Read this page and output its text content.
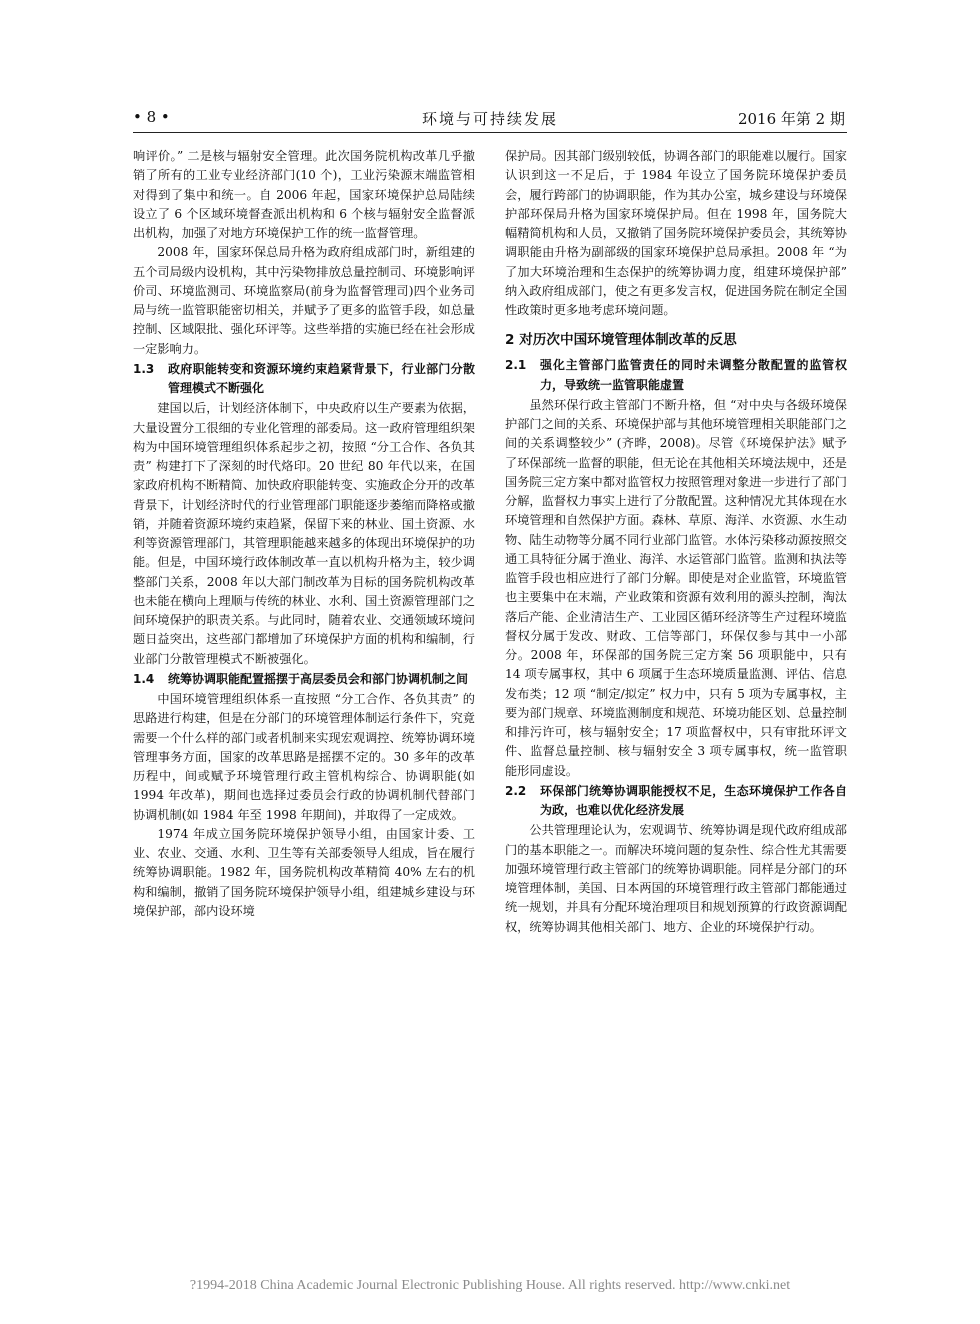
• 8 •	环境与可持续发展	2016 年第 2 期

响评价。” 二是核与辐射安全管理。此次国务院机构改革几乎撤销了所有的工业专业经济部门(10 个)，工业污染源末端监管相对得到了集中和统一。自 2006 年起，国家环境保护总局陆续设立了 6 个区域环境督查派出机构和 6 个核与辐射安全监督派出机构，加强了对地方环境保护工作的统一监督管理。

2008 年，国家环保总局升格为政府组成部门时，新组建的五个司局级内设机构，其中污染物排放总量控制司、环境影响评价司、环境监测司、环境监察局(前身为监督管理司)四个业务司局与统一监管职能密切相关，并赋予了更多的监管手段，如总量控制、区域限批、强化环评等。这些举措的实施已经在社会形成一定影响力。

1.3 政府职能转变和资源环境约束趋紧背景下，行业部门分散管理模式不断强化

建国以后，计划经济体制下，中央政府以生产要素为依据，大量设置分工很细的专业化管理的部委局。这一政府管理组织架构为中国环境管理组织体系起步之初，按照 “分工合作、各负其责” 构建打下了深刻的时代烙印。20 世纪 80 年代以来，在国家政府机构不断精简、加快政府职能转变、实施政企分开的改革背景下，计划经济时代的行业管理部门职能逐步萎缩而降格或撤销，并随着资源环境约束趋紧，保留下来的林业、国土资源、水利等资源管理部门，其管理职能越来越多的体现出环境保护的功能。但是，中国环境行政体制改革一直以机构升格为主，较少调整部门关系，2008 年以大部门制改革为目标的国务院机构改革也未能在横向上理顺与传统的林业、水利、国土资源管理部门之间环境保护的职责关系。与此同时，随着农业、交通领域环境问题日益突出，这些部门都增加了环境保护方面的机构和编制，行业部门分散管理模式不断被强化。

1.4 统筹协调职能配置摇摆于高层委员会和部门协调机制之间

中国环境管理组织体系一直按照 “分工合作、各负其责” 的思路进行构建，但是在分部门的环境管理体制运行条件下，究竟需要一个什么样的部门或者机制来实现宏观调控、统筹协调环境管理事务方面，国家的改革思路是摇摆不定的。30 多年的改革历程中，间或赋予环境管理行政主管机构综合、协调职能(如 1994 年改革)，期间也选择过委员会行政的协调机制代替部门协调机制(如 1984 年至 1998 年期间)，并取得了一定成效。

1974 年成立国务院环境保护领导小组，由国家计委、工业、农业、交通、水利、卫生等有关部委领导人组成，旨在履行统筹协调职能。1982 年，国务院机构改革精简 40% 左右的机构和编制，撤销了国务院环境保护领导小组，组建城乡建设与环境保护部，部内设环境

保护局。因其部门级别较低，协调各部门的职能难以履行。国家认识到这一不足后，于 1984 年设立了国务院环境保护委员会，履行跨部门的协调职能，作为其办公室，城乡建设与环境保护部环保局升格为国家环境保护局。但在 1998 年，国务院大幅精简机构和人员，又撤销了国务院环境保护委员会，其统筹协调职能由升格为副部级的国家环境保护总局承担。2008 年 “为了加大环境治理和生态保护的统筹协调力度，组建环境保护部” 纳入政府组成部门，使之有更多发言权，促进国务院在制定全国性政策时更多地考虑环境问题。

2 对历次中国环境管理体制改革的反思
2.1 强化主管部门监管责任的同时未调整分散配置的监管权力，导致统一监管职能虚置

虽然环保行政主管部门不断升格，但 “对中央与各级环境保护部门之间的关系、环境保护部与其他环境管理相关职能部门之间的关系调整较少” (齐晔，2008)。尽管《环境保护法》赋予了环保部统一监督的职能，但无论在其他相关环境法规中，还是国务院三定方案中都对监管权力按照管理对象进一步进行了部门分解，监督权力事实上进行了分散配置。这种情况尤其体现在水环境管理和自然保护方面。森林、草原、海洋、水资源、水生动物、陆生动物等分属不同行业部门监管。水体污染移动源按照交通工具特征分属于渔业、海洋、水运管部门监管。监测和执法等监管手段也相应进行了部门分解。即使是对企业监管，环境监管也主要集中在末端，产业政策和资源有效利用的源头控制，淘汰落后产能、企业清洁生产、工业园区循环经济等生产过程环境监督权分属于发改、财政、工信等部门，环保仅参与其中一小部分。2008 年，环保部的国务院三定方案 56 项职能中，只有 14 项专属事权，其中 6 项属于生态环境质量监测、评估、信息发布类；12 项 “制定/拟定” 权力中，只有 5 项为专属事权，主要为部门规章、环境监测制度和规范、环境功能区划、总量控制和排污许可，核与辐射安全；17 项监督权中，只有审批环评文件、监督总量控制、核与辐射安全 3 项专属事权，统一监管职能形同虚设。

2.2 环保部门统筹协调职能授权不足，生态环境保护工作各自为政，也难以优化经济发展

公共管理理论认为，宏观调节、统筹协调是现代政府组成部门的基本职能之一。而解决环境问题的复杂性、综合性尤其需要加强环境管理行政主管部门的统筹协调职能。同样是分部门的环境管理体制，美国、日本两国的环境管理行政主管部门都能通过统一规划，并具有分配环境治理项目和规划预算的行政资源调配权，统筹协调其他相关部门、地方、企业的环境保护行动。

?1994-2018 China Academic Journal Electronic Publishing House. All rights reserved. http://www.cnki.net
